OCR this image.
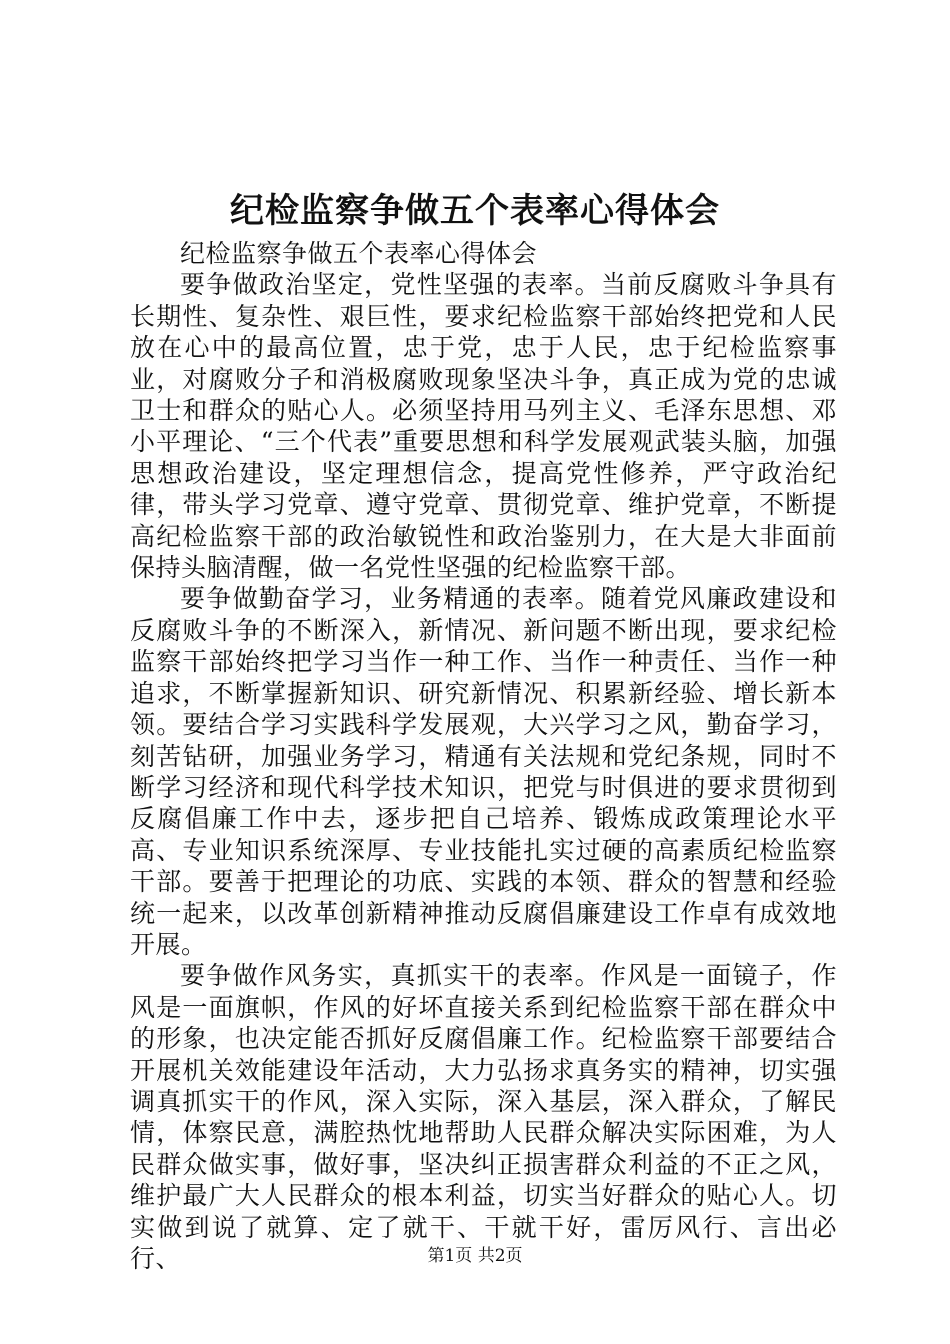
纪检监察争做五个表率心得体会

纪检监察争做五个表率心得体会

要争做政治坚定，党性坚强的表率。当前反腐败斗争具有长期性、复杂性、艰巨性，要求纪检监察干部始终把党和人民放在心中的最高位置，忠于党，忠于人民，忠于纪检监察事业，对腐败分子和消极腐败现象坚决斗争，真正成为党的忠诚卫士和群众的贴心人。必须坚持用马列主义、毛泽东思想、邓小平理论、“三个代表”重要思想和科学发展观武装头脑，加强思想政治建设，坚定理想信念，提高党性修养，严守政治纪律，带头学习党章、遵守党章、贯彻党章、维护党章，不断提高纪检监察干部的政治敏锐性和政治鉴别力，在大是大非面前保持头脑清醒，做一名党性坚强的纪检监察干部。

要争做勤奋学习，业务精通的表率。随着党风廉政建设和反腐败斗争的不断深入，新情况、新问题不断出现，要求纪检监察干部始终把学习当作一种工作、当作一种责任、当作一种追求，不断掌握新知识、研究新情况、积累新经验、增长新本领。要结合学习实践科学发展观，大兴学习之风，勤奋学习，刻苦钻研，加强业务学习，精通有关法规和党纪条规，同时不断学习经济和现代科学技术知识，把党与时俱进的要求贯彻到反腐倡廉工作中去，逐步把自己培养、锻炼成政策理论水平高、专业知识系统深厚、专业技能扎实过硬的高素质纪检监察干部。要善于把理论的功底、实践的本领、群众的智慧和经验统一起来，以改革创新精神推动反腐倡廉建设工作卓有成效地开展。

要争做作风务实，真抓实干的表率。作风是一面镜子，作风是一面旗帜，作风的好坏直接关系到纪检监察干部在群众中的形象，也决定能否抓好反腐倡廉工作。纪检监察干部要结合开展机关效能建设年活动，大力弘扬求真务实的精神，切实强调真抓实干的作风，深入实际，深入基层，深入群众，了解民情，体察民意，满腔热忱地帮助人民群众解决实际困难，为人民群众做实事，做好事，坚决纠正损害群众利益的不正之风，维护最广大人民群众的根本利益，切实当好群众的贴心人。切实做到说了就算、定了就干、干就干好，雷厉风行、言出必行、	第1页 共2页
